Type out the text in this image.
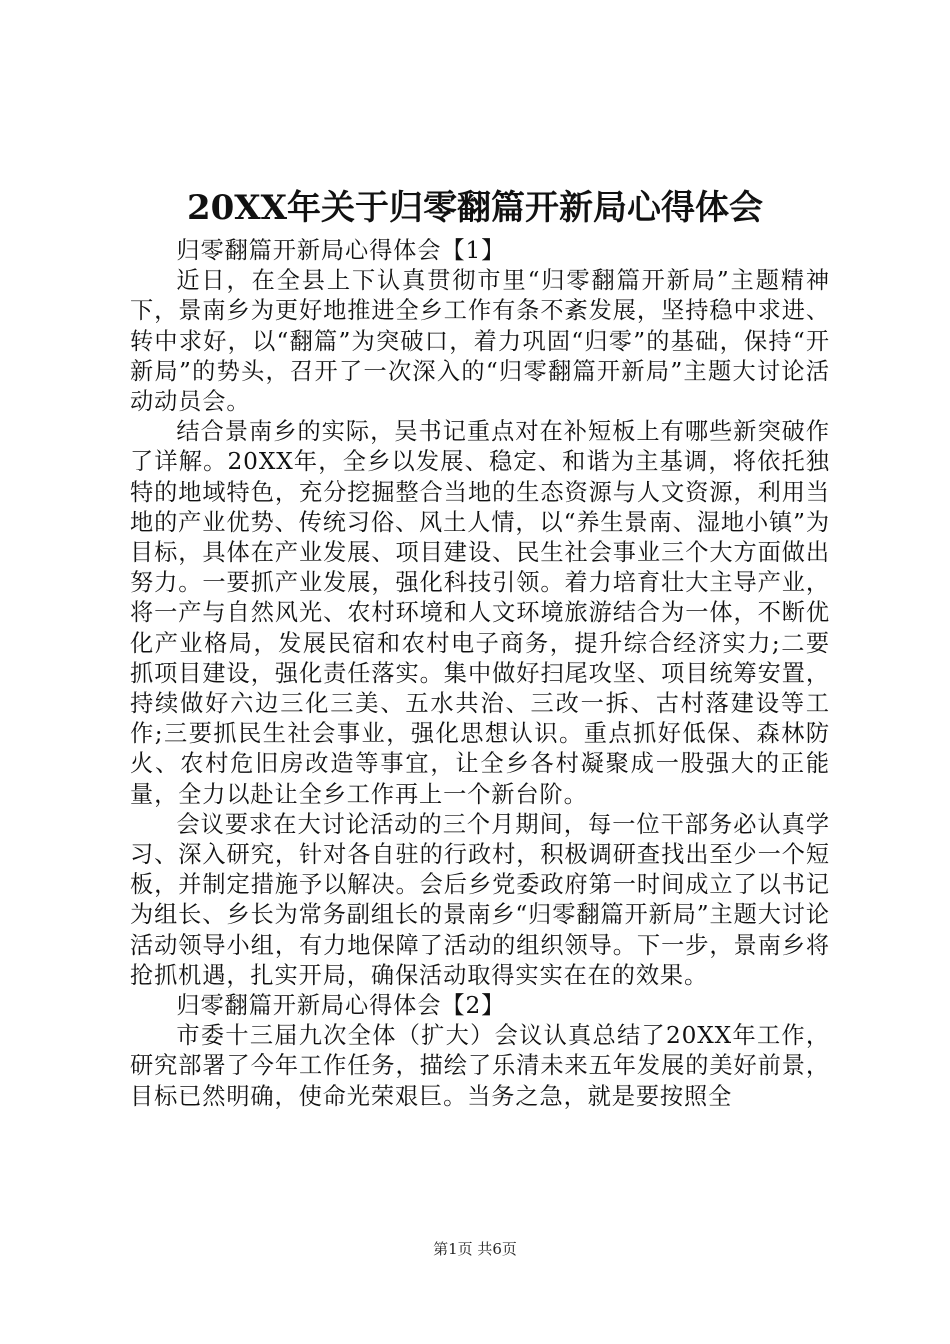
20XX年关于归零翻篇开新局心得体会

归零翻篇开新局心得体会【1】

近日，在全县上下认真贯彻市里“归零翻篇开新局”主题精神下，景南乡为更好地推进全乡工作有条不紊发展，坚持稳中求进、转中求好，以“翻篇”为突破口，着力巩固“归零”的基础，保持“开新局”的势头，召开了一次深入的“归零翻篇开新局”主题大讨论活动动员会。

结合景南乡的实际，吴书记重点对在补短板上有哪些新突破作了详解。20XX年，全乡以发展、稳定、和谐为主基调，将依托独特的地域特色，充分挖掘整合当地的生态资源与人文资源，利用当地的产业优势、传统习俗、风土人情，以“养生景南、湿地小镇”为目标，具体在产业发展、项目建设、民生社会事业三个大方面做出努力。一要抓产业发展，强化科技引领。着力培育壮大主导产业，将一产与自然风光、农村环境和人文环境旅游结合为一体，不断优化产业格局，发展民宿和农村电子商务，提升综合经济实力;二要抓项目建设，强化责任落实。集中做好扫尾攻坚、项目统筹安置，持续做好六边三化三美、五水共治、三改一拆、古村落建设等工作;三要抓民生社会事业，强化思想认识。重点抓好低保、森林防火、农村危旧房改造等事宜，让全乡各村凝聚成一股强大的正能量，全力以赴让全乡工作再上一个新台阶。

会议要求在大讨论活动的三个月期间，每一位干部务必认真学习、深入研究，针对各自驻的行政村，积极调研查找出至少一个短板，并制定措施予以解决。会后乡党委政府第一时间成立了以书记为组长、乡长为常务副组长的景南乡“归零翻篇开新局”主题大讨论活动领导小组，有力地保障了活动的组织领导。下一步，景南乡将抢抓机遇，扎实开局，确保活动取得实实在在的效果。

归零翻篇开新局心得体会【2】

市委十三届九次全体（扩大）会议认真总结了20XX年工作，研究部署了今年工作任务，描绘了乐清未来五年发展的美好前景，目标已然明确，使命光荣艰巨。当务之急，就是要按照全

第1页 共6页
